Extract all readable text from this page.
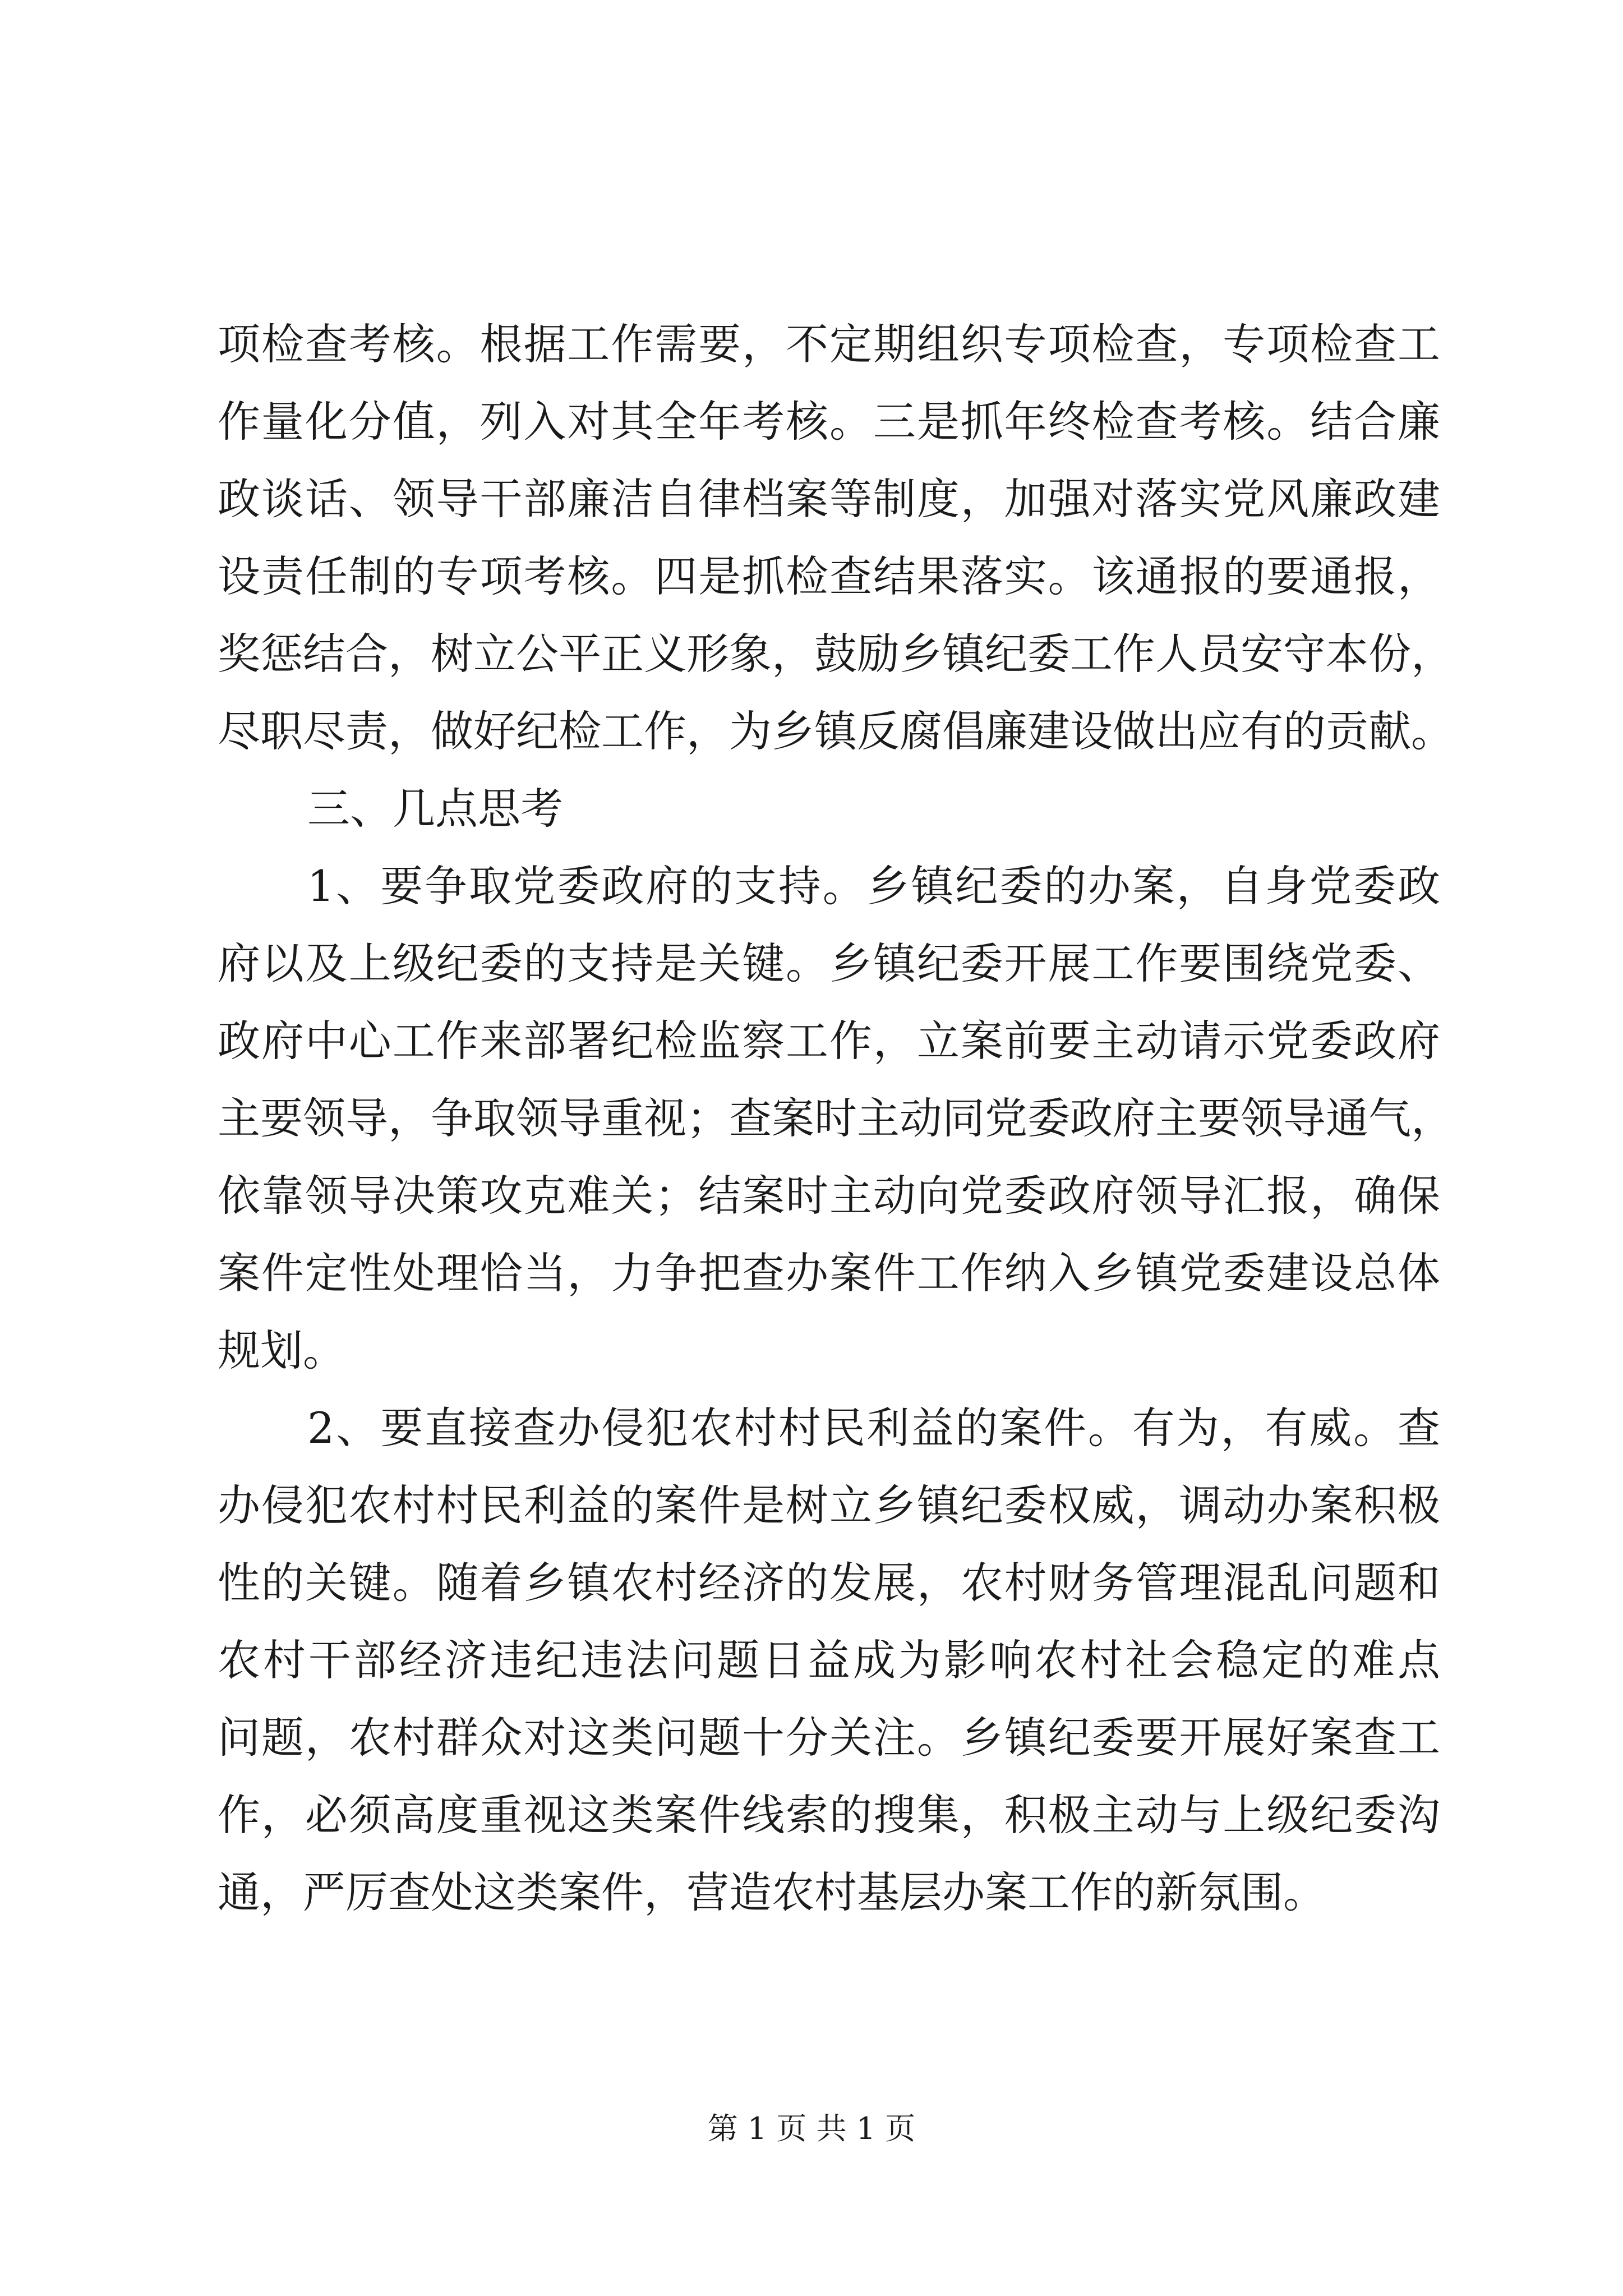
项检查考核。根据工作需要，不定期组织专项检查，专项检查工
作量化分值，列入对其全年考核。三是抓年终检查考核。结合廉
政谈话、领导干部廉洁自律档案等制度，加强对落实党风廉政建
设责任制的专项考核。四是抓检查结果落实。该通报的要通报，
奖惩结合，树立公平正义形象，鼓励乡镇纪委工作人员安守本份，
尽职尽责，做好纪检工作，为乡镇反腐倡廉建设做出应有的贡献。
三、几点思考
1、要争取党委政府的支持。乡镇纪委的办案，自身党委政
府以及上级纪委的支持是关键。乡镇纪委开展工作要围绕党委、
政府中心工作来部署纪检监察工作，立案前要主动请示党委政府
主要领导，争取领导重视；查案时主动同党委政府主要领导通气，
依靠领导决策攻克难关；结案时主动向党委政府领导汇报，确保
案件定性处理恰当，力争把查办案件工作纳入乡镇党委建设总体
规划。
2、要直接查办侵犯农村村民利益的案件。有为，有威。查
办侵犯农村村民利益的案件是树立乡镇纪委权威，调动办案积极
性的关键。随着乡镇农村经济的发展，农村财务管理混乱问题和
农村干部经济违纪违法问题日益成为影响农村社会稳定的难点
问题，农村群众对这类问题十分关注。乡镇纪委要开展好案查工
作，必须高度重视这类案件线索的搜集，积极主动与上级纪委沟
通，严厉查处这类案件，营造农村基层办案工作的新氛围。
第 1 页 共 1 页
